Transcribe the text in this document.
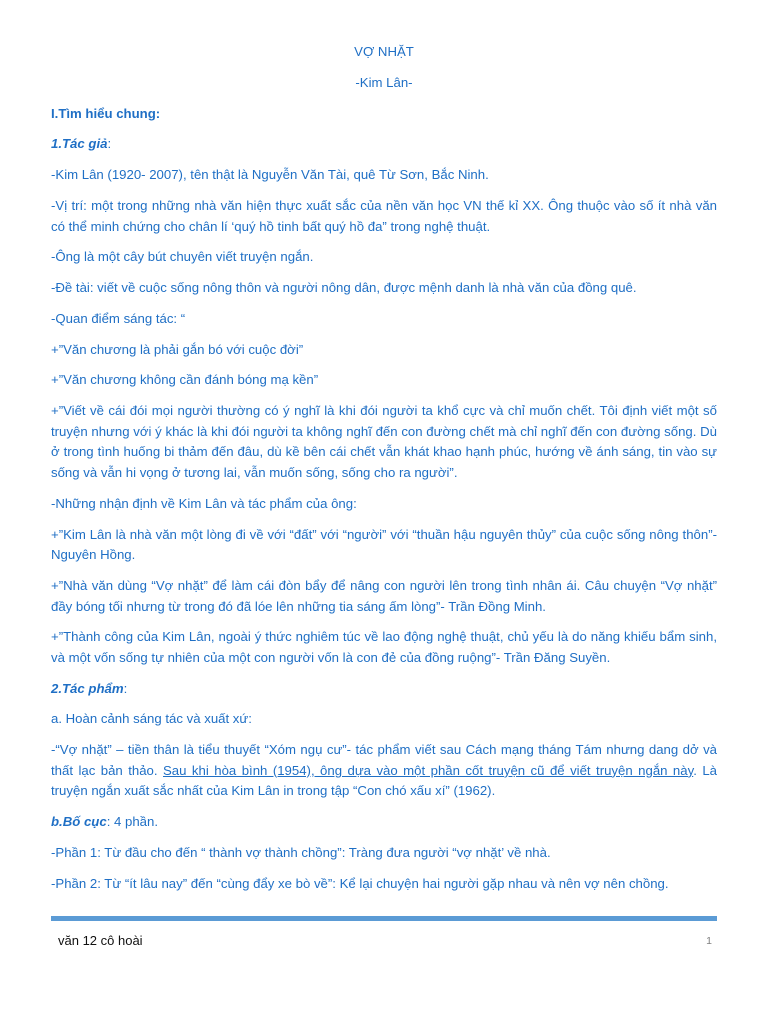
VỢ NHẶT

-Kim Lân-

I.Tìm hiểu chung:

1.Tác giả:

-Kim Lân (1920- 2007), tên thật là Nguyễn Văn Tài, quê Từ Sơn, Bắc Ninh.

-Vị trí: một trong những nhà văn hiện thực xuất sắc của nền văn học VN thế kỉ XX. Ông thuộc vào số ít nhà văn có thể minh chứng cho chân lí ‘quý hồ tinh bất quý hồ đa” trong nghệ thuật.

-Ông là một cây bút chuyên viết truyện ngắn.

-Đề tài: viết về cuộc sống nông thôn và người nông dân, được mệnh danh là nhà văn của đồng quê.

-Quan điểm sáng tác: “

+”Văn chương là phải gắn bó với cuộc đời”

+”Văn chương không cần đánh bóng mạ kền”

+”Viết về cái đói mọi người thường có ý nghĩ là khi đói người ta khổ cực và chỉ muốn chết. Tôi định viết một số truyện nhưng với ý khác là khi đói người ta không nghĩ đến con đường chết mà chỉ nghĩ đến con đường sống. Dù ở trong tình huống bi thảm đến đâu, dù kề bên cái chết vẫn khát khao hạnh phúc, hướng về ánh sáng, tin vào sự sống và vẫn hi vọng ở tương lai, vẫn muốn sống, sống cho ra người”.

-Những nhận định về Kim Lân và tác phẩm của ông:

+”Kim Lân là nhà văn một lòng đi về với “đất” với “người” với “thuần hậu nguyên thủy” của cuộc sống nông thôn”- Nguyên Hồng.

+”Nhà văn dùng “Vợ nhặt” để làm cái đòn bẩy để nâng con người lên trong tình nhân ái. Câu chuyện “Vợ nhặt” đầy bóng tối nhưng từ trong đó đã lóe lên những tia sáng ấm lòng”- Trần Đồng Minh.

+”Thành công của Kim Lân, ngoài ý thức nghiêm túc về lao động nghệ thuật, chủ yếu là do năng khiếu bẩm sinh, và một vốn sống tự nhiên của một con người vốn là con đẻ của đồng ruộng”- Trần Đăng Suyền.

2.Tác phẩm:

a. Hoàn cảnh sáng tác và xuất xứ:

-“Vợ nhặt” – tiền thân là tiểu thuyết “Xóm ngụ cư”- tác phẩm viết sau Cách mạng tháng Tám nhưng dang dở và thất lạc bản thảo. Sau khi hòa bình (1954), ông dựa vào một phần cốt truyện cũ để viết truyện ngắn này. Là truyện ngắn xuất sắc nhất của Kim Lân in trong tập “Con chó xấu xí” (1962).

b.Bố cục: 4 phần.

-Phần 1: Từ đầu cho đến “ thành vợ thành chồng”: Tràng đưa người “vợ nhặt’ về nhà.

-Phần 2: Từ “ít lâu nay” đến “cùng đẩy xe bò về”: Kể lại chuyện hai người gặp nhau và nên vợ nên chồng.

văn 12 cô hoài	1
